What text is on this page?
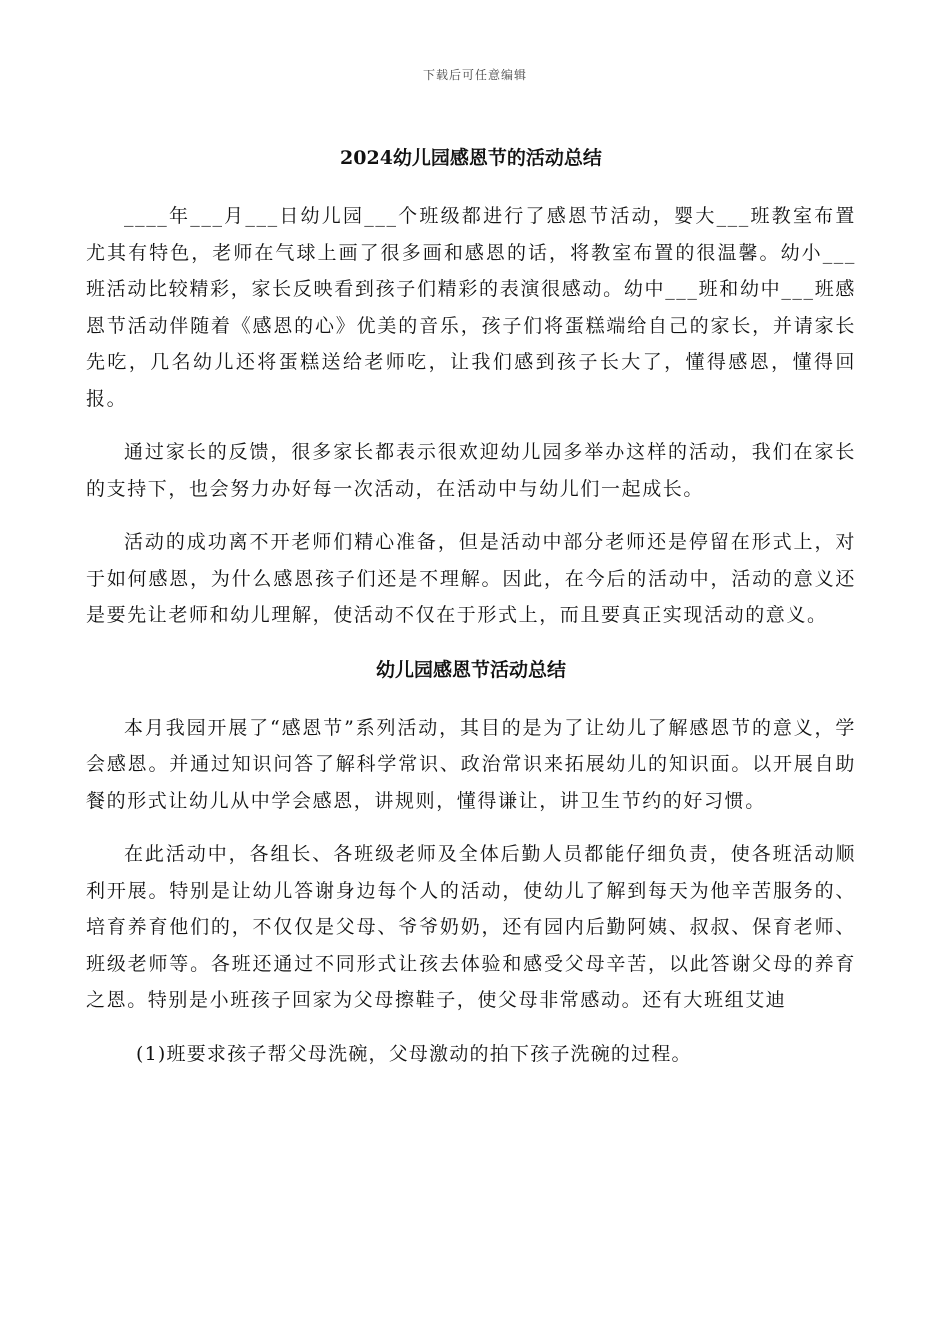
下载后可任意编辑
2024幼儿园感恩节的活动总结

____年___月___日幼儿园___个班级都进行了感恩节活动，婴大___班教室布置尤其有特色，老师在气球上画了很多画和感恩的话，将教室布置的很温馨。幼小___班活动比较精彩，家长反映看到孩子们精彩的表演很感动。幼中___班和幼中___班感恩节活动伴随着《感恩的心》优美的音乐，孩子们将蛋糕端给自己的家长，并请家长先吃，几名幼儿还将蛋糕送给老师吃，让我们感到孩子长大了，懂得感恩，懂得回报。

通过家长的反馈，很多家长都表示很欢迎幼儿园多举办这样的活动，我们在家长的支持下，也会努力办好每一次活动，在活动中与幼儿们一起成长。

活动的成功离不开老师们精心准备，但是活动中部分老师还是停留在形式上，对于如何感恩，为什么感恩孩子们还是不理解。因此，在今后的活动中，活动的意义还是要先让老师和幼儿理解，使活动不仅在于形式上，而且要真正实现活动的意义。

幼儿园感恩节活动总结

本月我园开展了“感恩节”系列活动，其目的是为了让幼儿了解感恩节的意义，学会感恩。并通过知识问答了解科学常识、政治常识来拓展幼儿的知识面。以开展自助餐的形式让幼儿从中学会感恩，讲规则，懂得谦让，讲卫生节约的好习惯。

在此活动中，各组长、各班级老师及全体后勤人员都能仔细负责，使各班活动顺利开展。特别是让幼儿答谢身边每个人的活动，使幼儿了解到每天为他辛苦服务的、培育养育他们的，不仅仅是父母、爷爷奶奶，还有园内后勤阿姨、叔叔、保育老师、班级老师等。各班还通过不同形式让孩去体验和感受父母辛苦，以此答谢父母的养育之恩。特别是小班孩子回家为父母擦鞋子，使父母非常感动。还有大班组艾迪

(1)班要求孩子帮父母洗碗，父母激动的拍下孩子洗碗的过程。
